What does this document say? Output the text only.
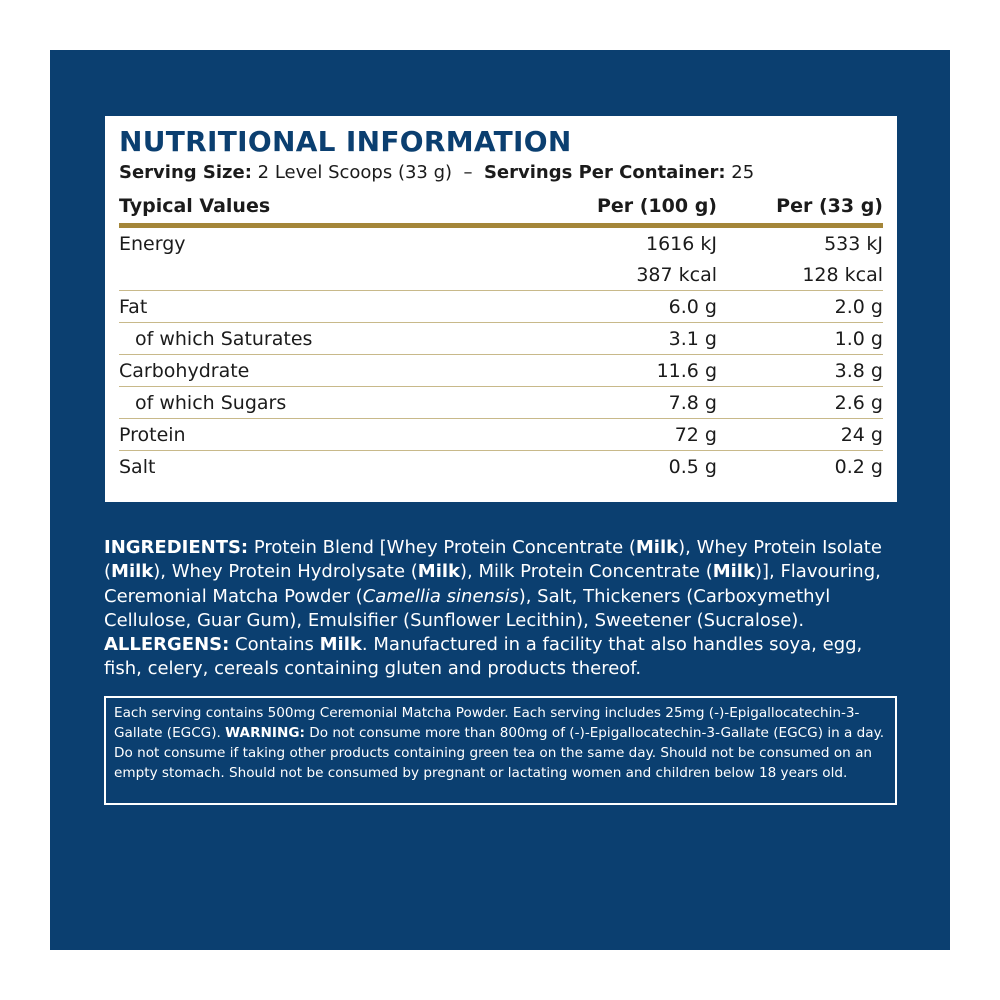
NUTRITIONAL INFORMATION
Serving Size: 2 Level Scoops (33 g)  –  Servings Per Container: 25
Typical Values	Per (100 g)	Per (33 g)
Energy	1616 kJ	533 kJ
	387 kcal	128 kcal
Fat	6.0 g	2.0 g
of which Saturates	3.1 g	1.0 g
Carbohydrate	11.6 g	3.8 g
of which Sugars	7.8 g	2.6 g
Protein	72 g	24 g
Salt	0.5 g	0.2 g
INGREDIENTS: Protein Blend [Whey Protein Concentrate (Milk), Whey Protein Isolate (Milk), Whey Protein Hydrolysate (Milk), Milk Protein Concentrate (Milk)], Flavouring, Ceremonial Matcha Powder (Camellia sinensis), Salt, Thickeners (Carboxymethyl Cellulose, Guar Gum), Emulsifier (Sunflower Lecithin), Sweetener (Sucralose). ALLERGENS: Contains Milk. Manufactured in a facility that also handles soya, egg, fish, celery, cereals containing gluten and products thereof.
Each serving contains 500mg Ceremonial Matcha Powder. Each serving includes 25mg (-)-Epigallocatechin-3-Gallate (EGCG). WARNING: Do not consume more than 800mg of (-)-Epigallocatechin-3-Gallate (EGCG) in a day. Do not consume if taking other products containing green tea on the same day. Should not be consumed on an empty stomach. Should not be consumed by pregnant or lactating women and children below 18 years old.
